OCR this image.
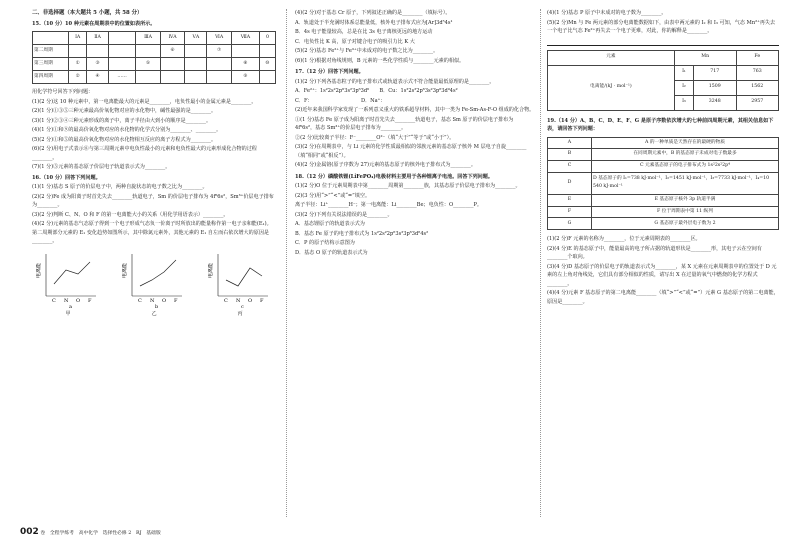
二、非选择题（本大题共 5 小题，共 58 分）
15.（10 分）10 种元素在周期表中的位置如表所示。
	ⅠA	ⅡA		ⅢA	ⅣA	ⅤA	ⅥA	ⅦA	0
第二周期					⑥		⑦		
第三周期	①	③		⑤				⑧	⑩
第四周期	②	④	……					⑨	
用化学符号回答下列问题：
(1)(2 分)这 10 种元素中，第一电离能最大的元素是________，电负性最小的金属元素是________。
(2)(1 分)①③⑤三种元素最高价氧化物对应的水化物中，碱性最强的是________。
(3)(1 分)②③④三种元素形成的离子中，离子半径由大到小的顺序是________。
(4)(1 分)①和⑨的最高价氧化物对应的水化物的化学式分别为________、________。
(5)(2 分)①和⑤的最高价氧化物对应的水化物相互反应的离子方程式为________。
(6)(2 分)用电子式表示⑧与第三周期元素中电负性最小的元素和电负性最大的元素形成化合物的过程________。
(7)(1 分)⑤元素的基态原子价层电子轨道表示式为________。
16.（10 分）回答下列问题。
(1)(1 分)基态 S 原子的价层电子中，两种自旋状态的电子数之比为________。
(2)(2 分)Fe 成为阳离子时首先失去________轨道电子，Sm 的价层电子排布为 4f⁶6s²，Sm³⁺价层电子排布为________。
(3)(2 分)判断 C、N、O 和 F 的第一电离能大小的关系（用化学用语表示）________。
(4)(2 分)元素的基态气态原子得到一个电子形成气态负一价离子时所放出的能量称作第一电子亲和能(E₁)。第二周期部分元素的 E₁ 变化趋势如图所示，其中除氮元素外，其他元素的 E₁ 自左而右依次增大的原因是________。
电离能
C N O F
a
甲
电离能
C N O F
b
乙
电离能
C N O F
c
丙
(4)(2 分)对于基态 Cr 原子，下列叙述正确的是________（填标号）。
A．轨道处于半充满时体系总能量低，核外电子排布式应为[Ar]3d⁵4s¹
B．4s 电子能量较高，总是在比 3s 电子离核更远的地方运动
C．电负性比 K 高，原子对键合电子的吸引力比 K 大
(5)(2 分)基态 Fe²⁺与 Fe³⁺中未成对的电子数之比为________。
(6)(1 分)根据对角线规则，B 元素的一些化学性质与________元素的相似。
17.（12 分）回答下列问题。
(1)(2 分)下列各基态粒子的电子排布式或轨道表示式不符合能量最低原理的是________。
A．Fe²⁺：1s²2s²2p⁶3s²3p⁶3d⁶　　B．Cu：1s²2s²2p⁶3s²3p⁶3d⁹4s²
C．F：　　　　　　　　　　D．Na⁺：
(2)近年来我国科学家发现了一系列意义重大的铁系超导材料，其中一类为 Fe-Sm-As-F-O 组成的化合物。
①(1 分)基态 Fe 原子成为阳离子时首先失去________轨道电子，基态 Sm 原子的价层电子排布为 4f⁶6s²，基态 Sm³⁺的价层电子排布为________。
②(2 分)比较离子半径：F⁻________O²⁻（填“大于”“等于”或“小于”）。
(3)(2 分)在周期表中，与 Li 元素的化学性质最相似的邻族元素的基态原子核外 M 层电子自旋________（填“相同”或“相反”）。
(4)(2 分)金属铬(原子序数为 27)元素的基态原子的核外电子排布式为________。
18.（12 分）磷酸铁锂(LiFePO₄)电极材料主要用于各种锂离子电池。回答下列问题。
(1)(2 分)O 位于元素周期表中第________周期第________族，其基态原子价层电子排布为________。
(2)(3 分)用“>”“<”或“=”填空。
离子半径：Li⁺________H⁻；第一电离能：Li________Be；电负性：O________P。
(3)(2 分)下列有关说法错误的是________。
A．基态锂原子的轨道表示式为
B．基态 Fe 原子的电子排布式为 1s²2s²2p⁶3s²3p⁶3d⁶4s²
C．P 的原子结构示意图为
D．基态 O 原子的轨道表示式为
(4)(1 分)基态 P 原子中未成对的电子数为________。
(5)(2 分)Mn 与 Fe 两元素的部分电离能数据如下，由表中两元素的 I₂ 和 I₃ 可知，气态 Mn²⁺再失去一个电子比气态 Fe²⁺再失去一个电子更难，对此，你的解释是________。
元素	Mn		Fe
电离能/(kJ · mol⁻¹)	I₁	717	763
	I₂	1509	1562
	I₃	3248	2957
19.（14 分）A、B、C、D、E、F、G 是原子序数依次增大的七种前四周期元素，其相关信息如下表，请回答下列问题：
A	A 的一种单质是天然存在的最硬的物质
B	在同周期元素中，B 的基态原子未成对电子数最多
C	C 元素基态原子的电子排布式为 1s²2s²2p⁴
D	D 基态原子的 I₁=738 kJ·mol⁻¹，I₂=1451 kJ·mol⁻¹，I₃=7733 kJ·mol⁻¹，I₄=10 540 kJ·mol⁻¹
E	E 基态原子核外 3p 轨道半满
F	F 位于周期表中第 11 纵列
G	G 基态原子最外层电子数为 2
(1)(2 分)F 元素的名称为________，位于元素周期表的________区。
(2)(4 分)E 的基态原子中，能量最高的电子所占据的轨道形状是________形，其电子云在空间有________个取向。
(3)(4 分)D 基态原子的价层电子的轨道表示式为________，某 X 元素在元素周期表中的位置处于 D 元素的左上角对角线处，它们具有部分相似的性质，请写出 X 在过量的氧气中燃烧的化学方程式________。
(4)(4 分)元素 F 基态原子的第二电离能________（填“>”“<”或“=”）元素 G 基态原子的第二电离能，原因是________。
002 卷　全程学练考　高中化学　选择性必修 2　RJ　基础版
